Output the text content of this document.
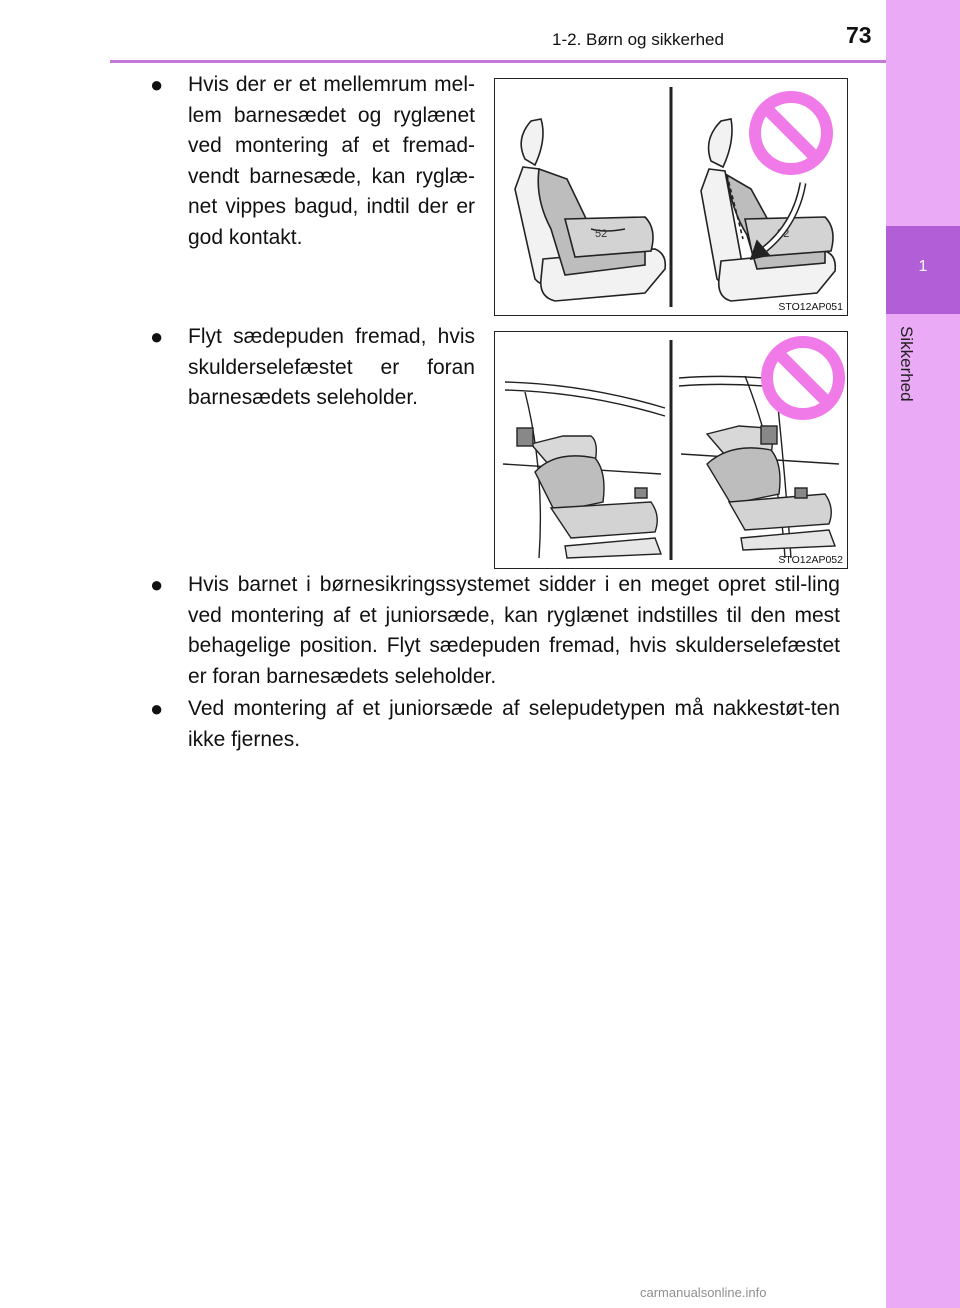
1
Sikkerhed
1-2. Børn og sikkerhed	73
● Hvis der er et mellemrum mel-lem barnesædet og ryglænet ved montering af et fremad-vendt barnesæde, kan ryglæ-net vippes bagud, indtil der er god kontakt.	52	52
STO12AP051
● Flyt sædepuden fremad, hvis skulderselefæstet er foran barnesædets seleholder.
STO12AP052
● Hvis barnet i børnesikringssystemet sidder i en meget opret stil-ling ved montering af et juniorsæde, kan ryglænet indstilles til den mest behagelige position. Flyt sædepuden fremad, hvis skulderselefæstet er foran barnesædets seleholder.
● Ved montering af et juniorsæde af selepudetypen må nakkestøt-ten ikke fjernes.
carmanualsonline.info
